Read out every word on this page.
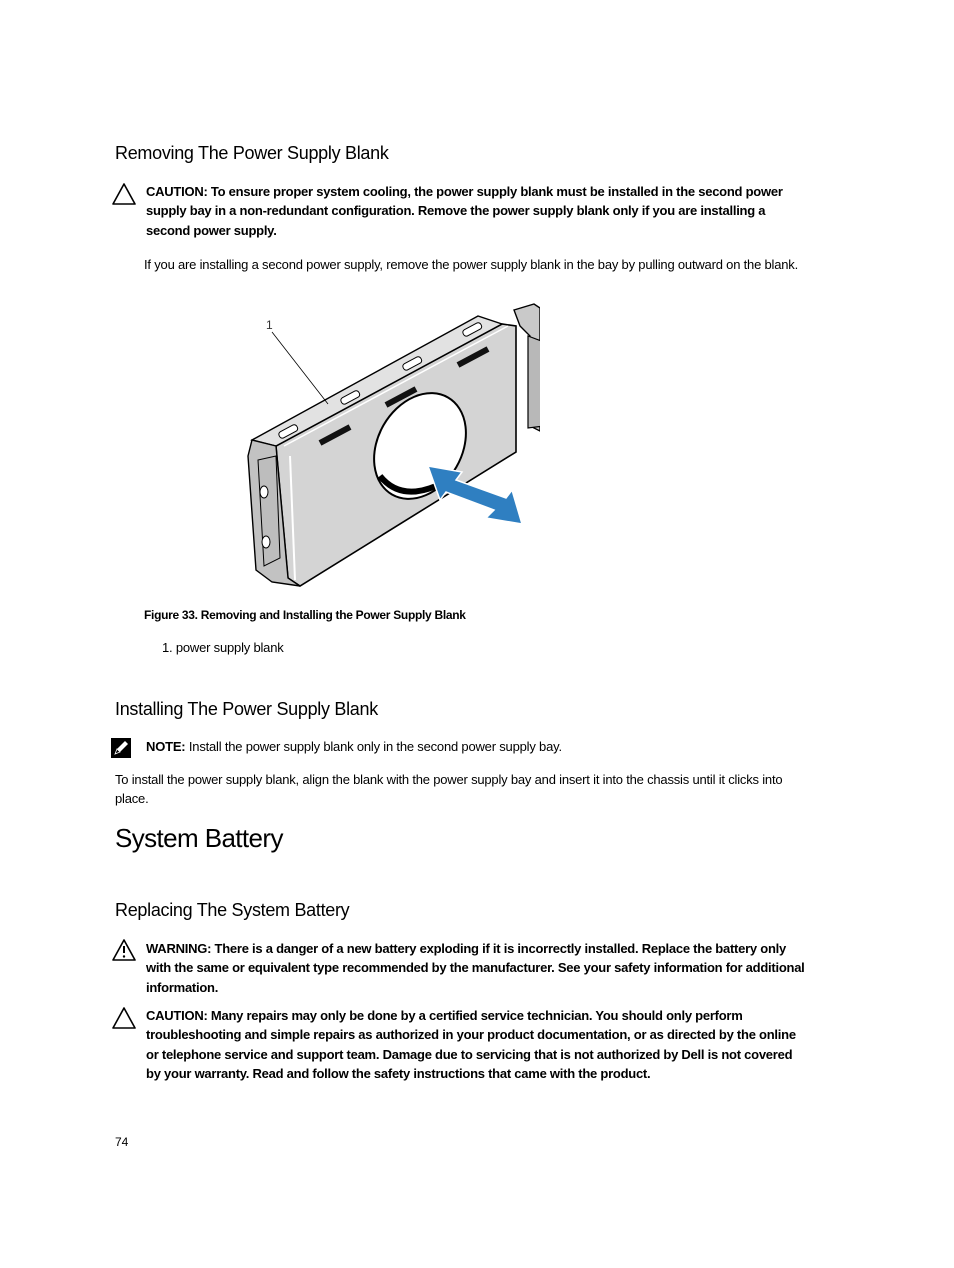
Removing The Power Supply Blank
CAUTION: To ensure proper system cooling, the power supply blank must be installed in the second power supply bay in a non-redundant configuration. Remove the power supply blank only if you are installing a second power supply.
If you are installing a second power supply, remove the power supply blank in the bay by pulling outward on the blank.
1
Figure 33. Removing and Installing the Power Supply Blank
1. power supply blank
Installing The Power Supply Blank
NOTE: Install the power supply blank only in the second power supply bay.
To install the power supply blank, align the blank with the power supply bay and insert it into the chassis until it clicks into place.
System Battery
Replacing The System Battery
WARNING: There is a danger of a new battery exploding if it is incorrectly installed. Replace the battery only with the same or equivalent type recommended by the manufacturer. See your safety information for additional information.
CAUTION: Many repairs may only be done by a certified service technician. You should only perform troubleshooting and simple repairs as authorized in your product documentation, or as directed by the online or telephone service and support team. Damage due to servicing that is not authorized by Dell is not covered by your warranty. Read and follow the safety instructions that came with the product.
74
